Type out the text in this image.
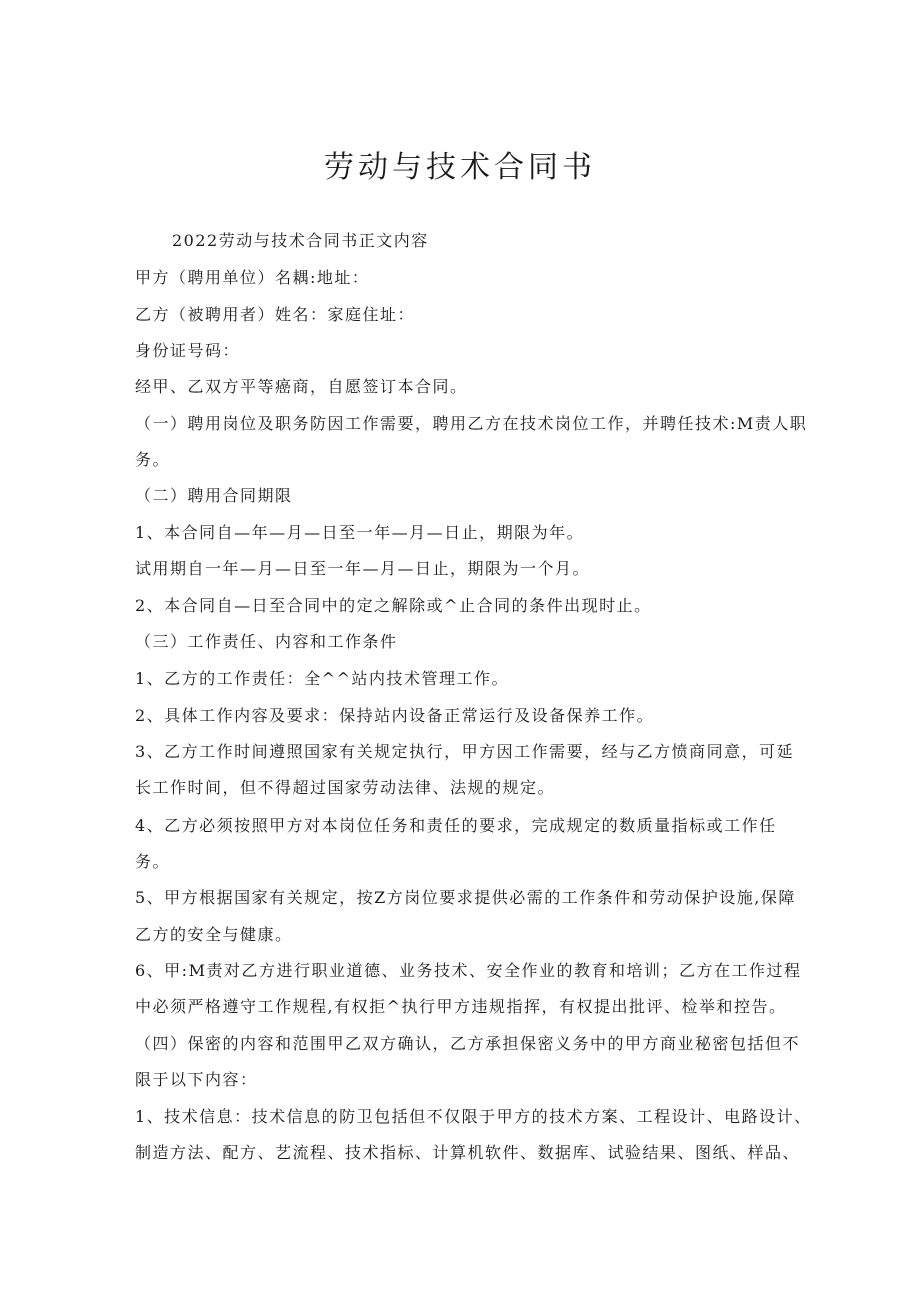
劳动与技术合同书
2022劳动与技术合同书正文内容
甲方（聘用单位）名耦:地址：
乙方（被聘用者）姓名：家庭住址：
身份证号码：
经甲、乙双方平等癌商，自愿签订本合同。
（一）聘用岗位及职务防因工作需要，聘用乙方在技术岗位工作，并聘任技术:M责人职
务。
（二）聘用合同期限
1、本合同自—年—月—日至一年—月—日止，期限为年。
试用期自一年—月—日至一年—月—日止，期限为一个月。
2、本合同自—日至合同中的定之解除或^止合同的条件出现时止。
（三）工作责任、内容和工作条件
1、乙方的工作责任：全^^站内技术管理工作。
2、具体工作内容及要求：保持站内设备正常运行及设备保养工作。
3、乙方工作时间遵照国家有关规定执行，甲方因工作需要，经与乙方愤商同意，可延
长工作时间，但不得超过国家劳动法律、法规的规定。
4、乙方必须按照甲方对本岗位任务和责任的要求，完成规定的数质量指标或工作任
务。
5、甲方根据国家有关规定，按Z方岗位要求提供必需的工作条件和劳动保护设施,保障
乙方的安全与健康。
6、甲:M责对乙方进行职业道德、业务技术、安全作业的教育和培训；乙方在工作过程
中必须严格遵守工作规程,有权拒^执行甲方违规指挥，有权提出批评、检举和控告。
（四）保密的内容和范围甲乙双方确认，乙方承担保密义务中的甲方商业秘密包括但不
限于以下内容：
1、技术信息：技术信息的防卫包括但不仅限于甲方的技术方案、工程设计、电路设计、
制造方法、配方、艺流程、技术指标、计算机软件、数据库、试验结果、图纸、样品、
